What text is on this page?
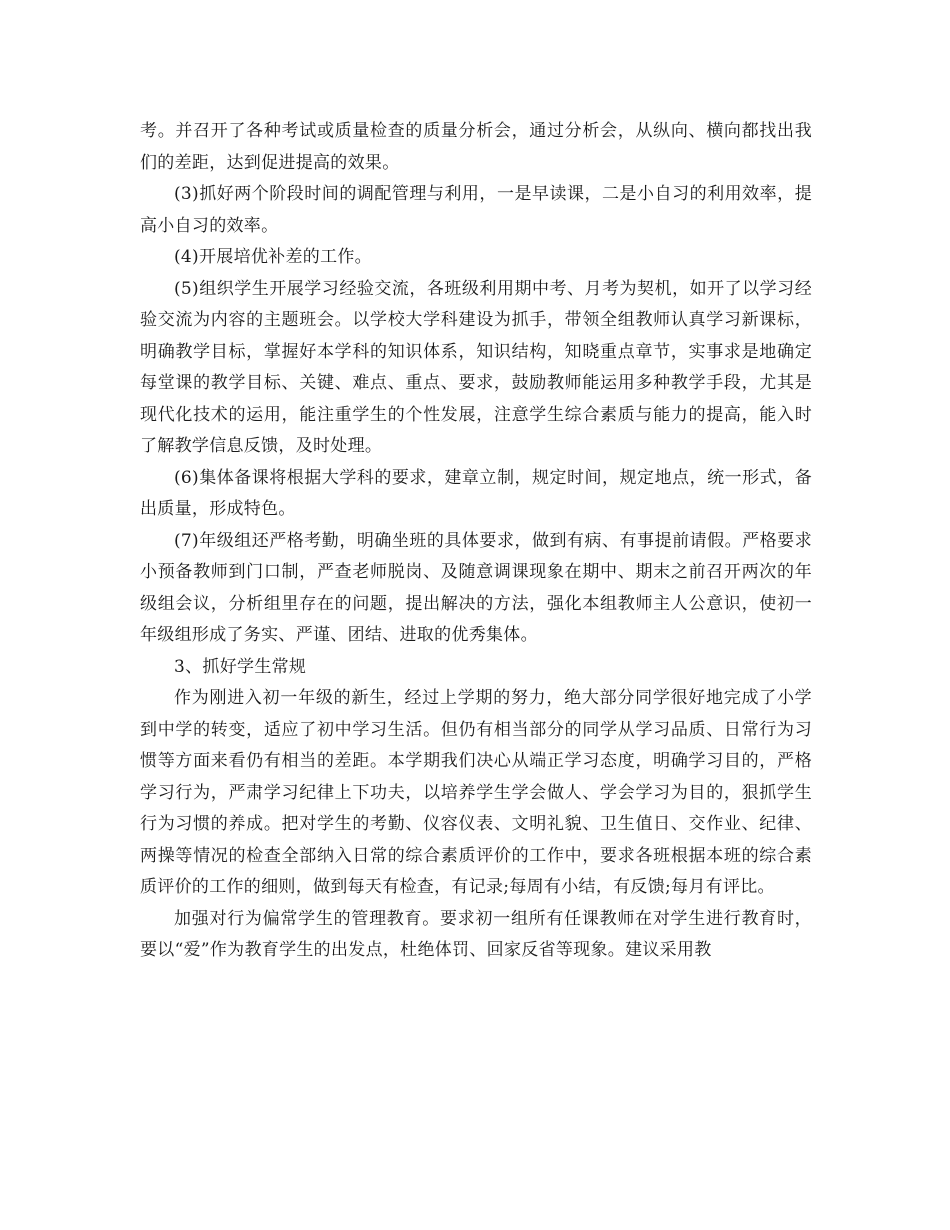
考。并召开了各种考试或质量检查的质量分析会，通过分析会，从纵向、横向都找出我们的差距，达到促进提高的效果。

(3)抓好两个阶段时间的调配管理与利用，一是早读课，二是小自习的利用效率，提高小自习的效率。

(4)开展培优补差的工作。

(5)组织学生开展学习经验交流，各班级利用期中考、月考为契机，如开了以学习经验交流为内容的主题班会。以学校大学科建设为抓手，带领全组教师认真学习新课标，明确教学目标，掌握好本学科的知识体系，知识结构，知晓重点章节，实事求是地确定每堂课的教学目标、关键、难点、重点、要求，鼓励教师能运用多种教学手段，尤其是现代化技术的运用，能注重学生的个性发展，注意学生综合素质与能力的提高，能入时了解教学信息反馈，及时处理。

(6)集体备课将根据大学科的要求，建章立制，规定时间，规定地点，统一形式，备出质量，形成特色。

(7)年级组还严格考勤，明确坐班的具体要求，做到有病、有事提前请假。严格要求小预备教师到门口制，严查老师脱岗、及随意调课现象在期中、期末之前召开两次的年级组会议，分析组里存在的问题，提出解决的方法，强化本组教师主人公意识，使初一年级组形成了务实、严谨、团结、进取的优秀集体。

3、抓好学生常规

作为刚进入初一年级的新生，经过上学期的努力，绝大部分同学很好地完成了小学到中学的转变，适应了初中学习生活。但仍有相当部分的同学从学习品质、日常行为习惯等方面来看仍有相当的差距。本学期我们决心从端正学习态度，明确学习目的，严格学习行为，严肃学习纪律上下功夫，以培养学生学会做人、学会学习为目的，狠抓学生行为习惯的养成。把对学生的考勤、仪容仪表、文明礼貌、卫生值日、交作业、纪律、两操等情况的检查全部纳入日常的综合素质评价的工作中，要求各班根据本班的综合素质评价的工作的细则，做到每天有检查，有记录;每周有小结，有反馈;每月有评比。

加强对行为偏常学生的管理教育。要求初一组所有任课教师在对学生进行教育时，要以“爱”作为教育学生的出发点，杜绝体罚、回家反省等现象。建议采用教
